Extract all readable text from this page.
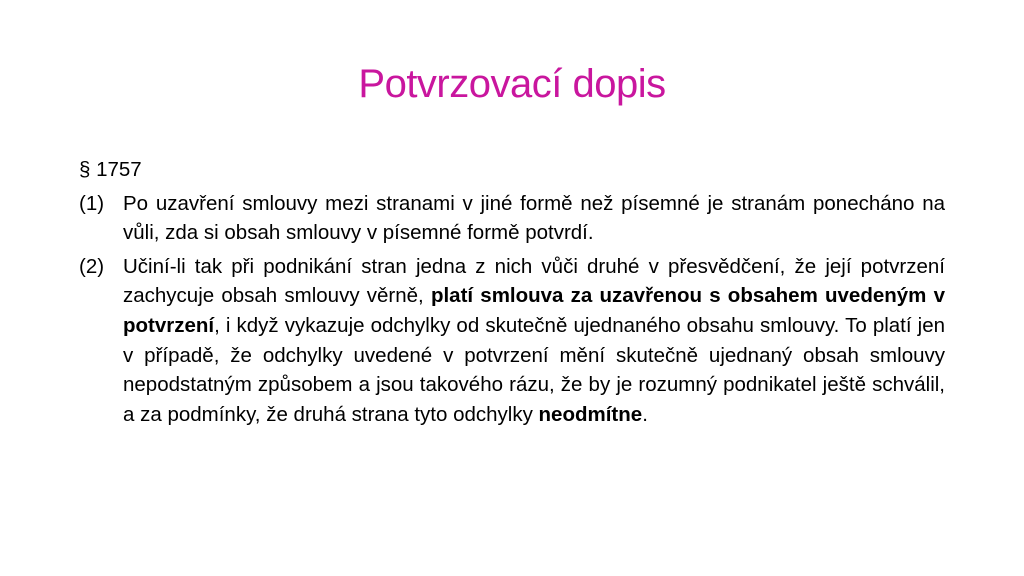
Potvrzovací dopis
§ 1757
(1) Po uzavření smlouvy mezi stranami v jiné formě než písemné je stranám ponecháno na vůli, zda si obsah smlouvy v písemné formě potvrdí.
(2) Učiní-li tak při podnikání stran jedna z nich vůči druhé v přesvědčení, že její potvrzení zachycuje obsah smlouvy věrně, platí smlouva za uzavřenou s obsahem uvedeným v potvrzení, i když vykazuje odchylky od skutečně ujednaného obsahu smlouvy. To platí jen v případě, že odchylky uvedené v potvrzení mění skutečně ujednaný obsah smlouvy nepodstatným způsobem a jsou takového rázu, že by je rozumný podnikatel ještě schválil, a za podmínky, že druhá strana tyto odchylky neodmítne.
